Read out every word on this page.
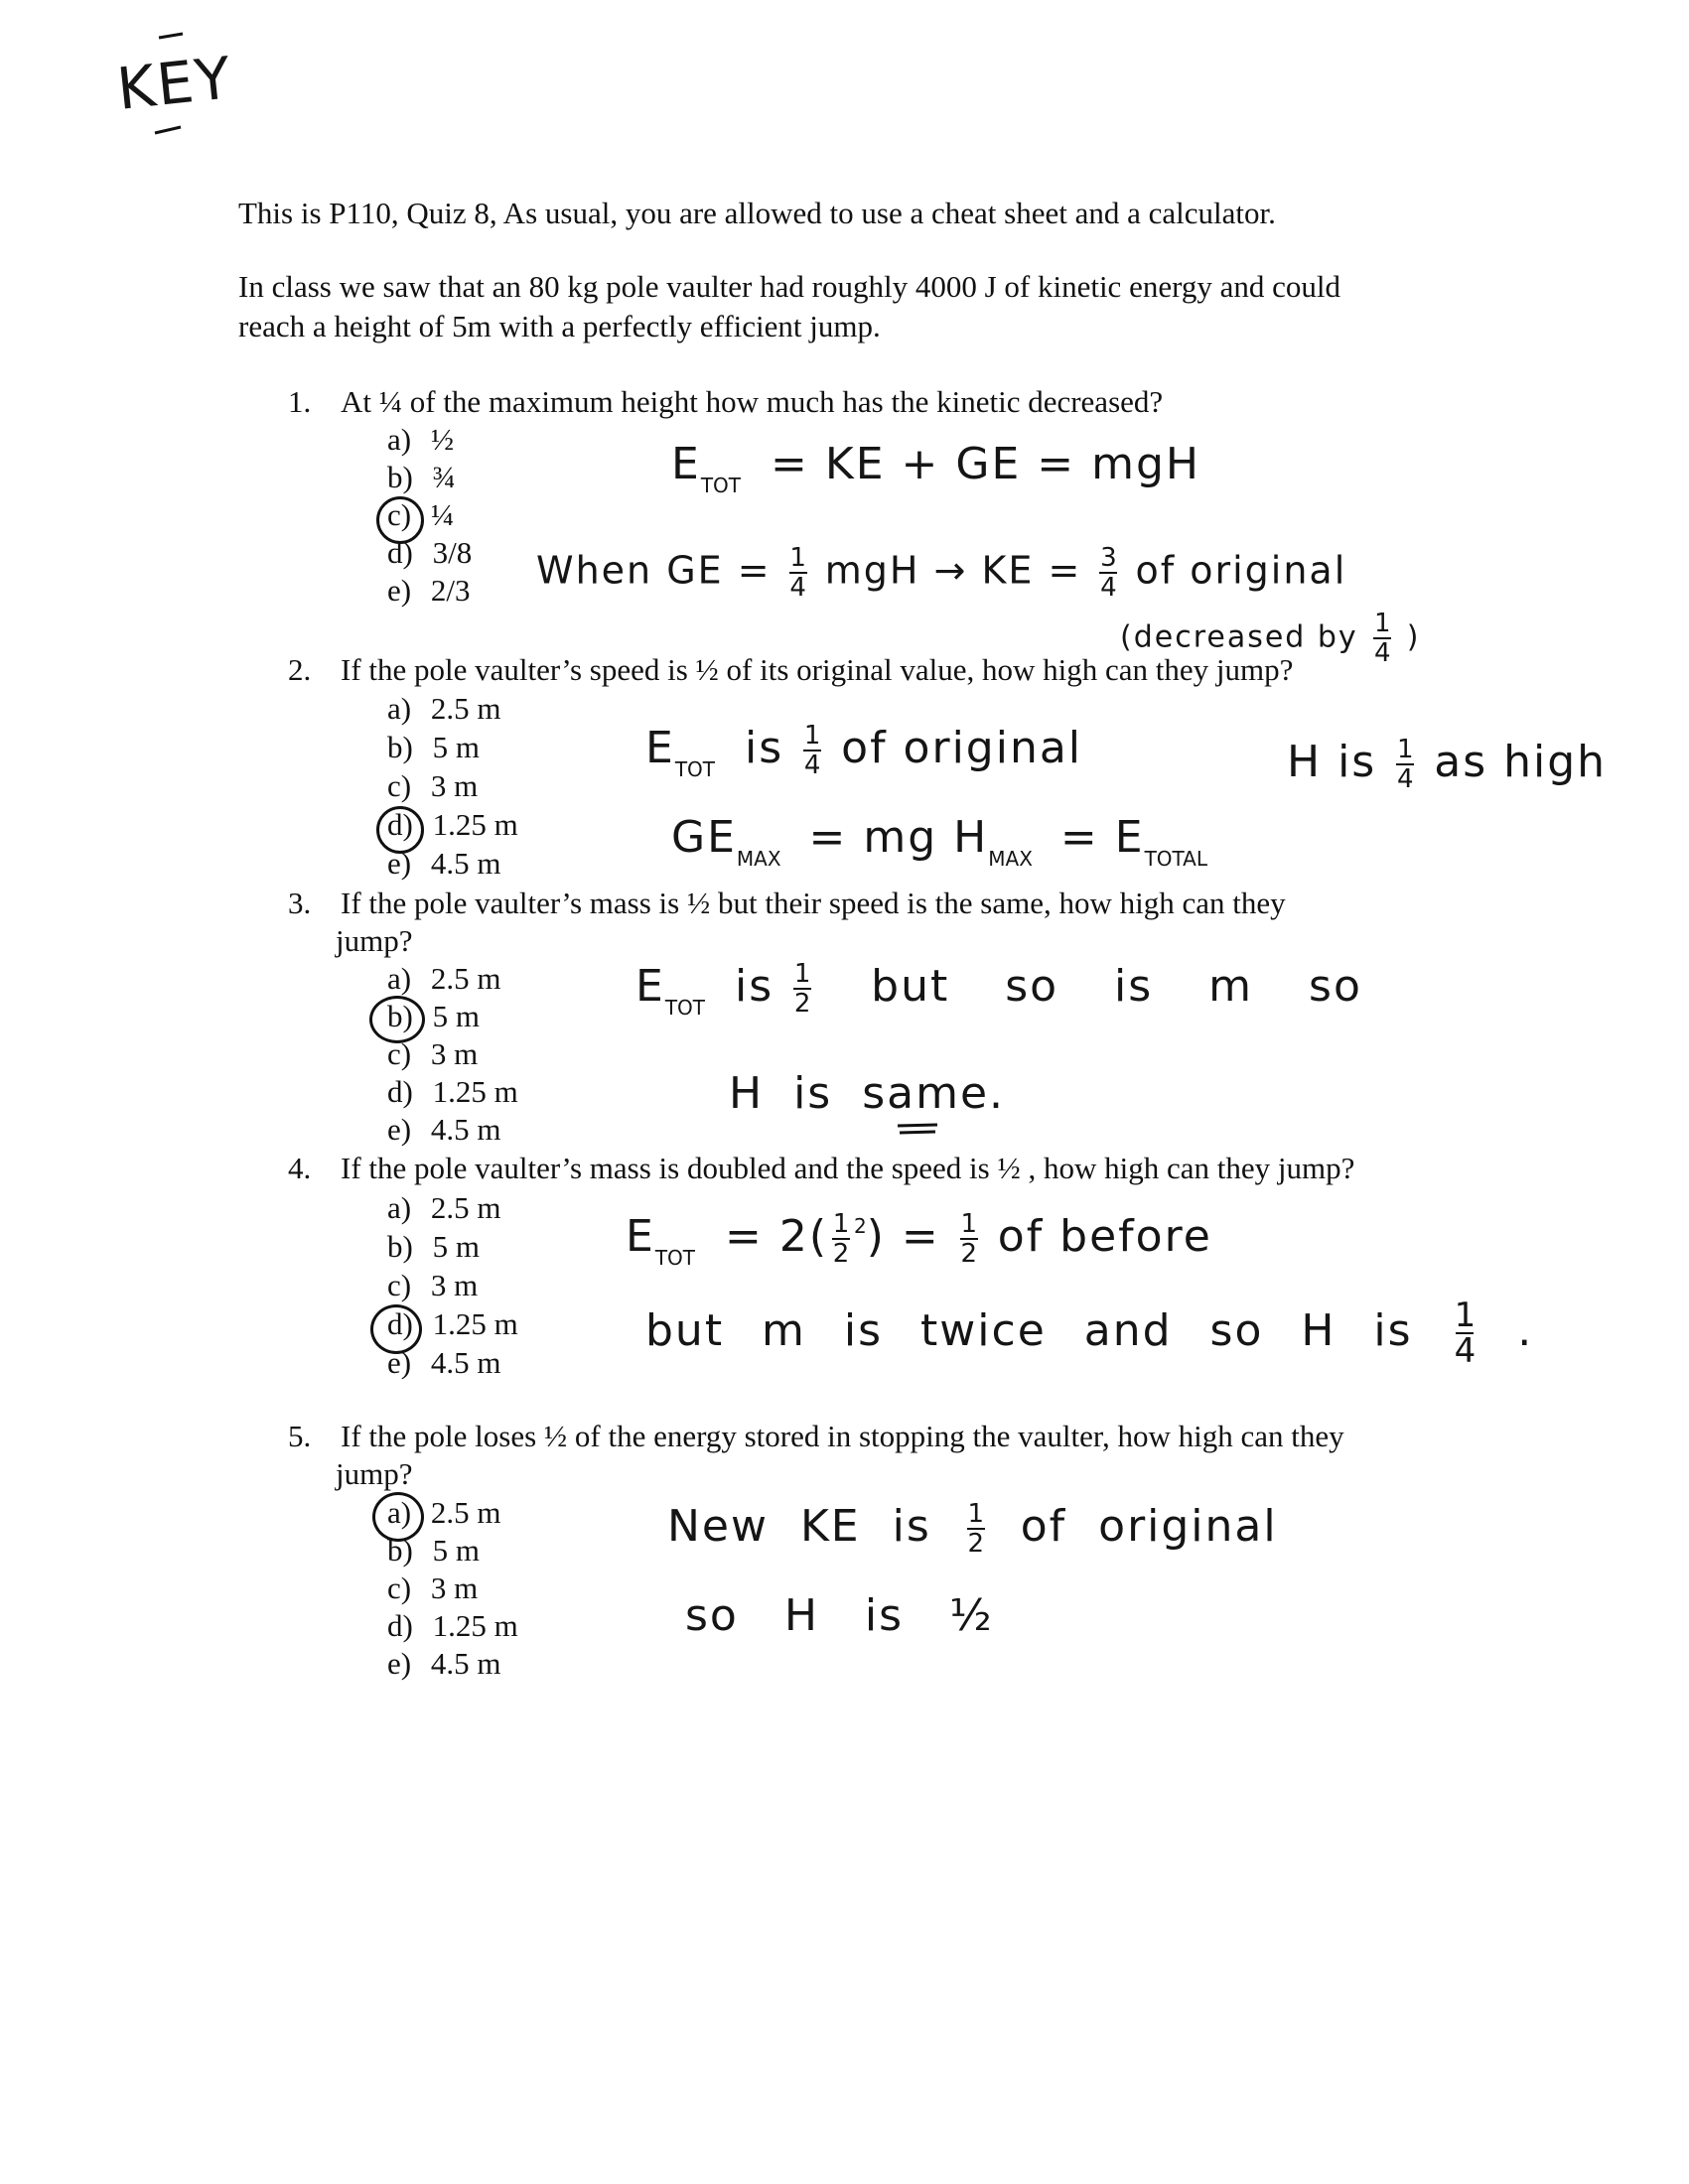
KEY
This is P110, Quiz 8, As usual, you are allowed to use a cheat sheet and a calculator.
In class we saw that an 80 kg pole vaulter had roughly 4000 J of kinetic energy and could
reach a height of 5m with a perfectly efficient jump.
1. At ¼ of the maximum height how much has the kinetic decreased?
a) ½
b) ¾
c) ¼
d) 3/8
e) 2/3
$E_{TOT}$ = KE + GE = mgH
When GE = $\frac{1}{4}$ mgH → KE = $\frac{3}{4}$ of original
(decreased by $\frac{1}{4}$ )
2. If the pole vaulter’s speed is ½ of its original value, how high can they jump?
a) 2.5 m
b) 5 m
c) 3 m
d) 1.25 m
e) 4.5 m
$E_{TOT}$ is $\frac{1}{4}$ of original	H is $\frac{1}{4}$ as high
$GE_{MAX}$ = mg $H_{MAX} = E_{TOTAL}$
3. If the pole vaulter’s mass is ½ but their speed is the same, how high can they
jump?
a) 2.5 m
b) 5 m
c) 3 m
d) 1.25 m
e) 4.5 m
$E_{TOT}$ is $\frac{1}{2}$ but so is m so
H is same.
4. If the pole vaulter’s mass is doubled and the speed is ½ , how high can they jump?
a) 2.5 m
b) 5 m
c) 3 m
d) 1.25 m
e) 4.5 m
$E_{TOT} = 2( \frac{1}{2} ^2) = \frac{1}{2}$ of before
but m is twice and so H is $\frac{1}{4}$ .
5. If the pole loses ½ of the energy stored in stopping the vaulter, how high can they
jump?
a) 2.5 m
b) 5 m
c) 3 m
d) 1.25 m
e) 4.5 m
New KE is $\frac{1}{2}$ of original
so H is ½
